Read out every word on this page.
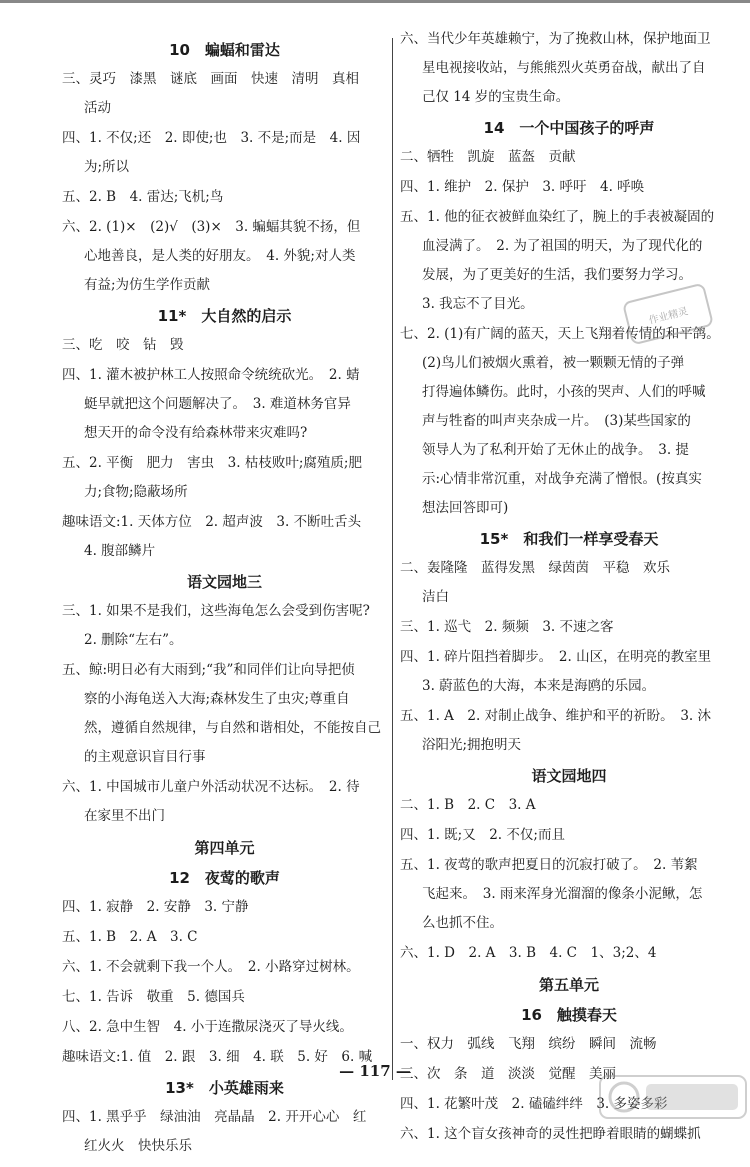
10　蝙蝠和雷达
三、灵巧　漆黑　谜底　画面　快速　清明　真相
活动
四、1. 不仅;还　2. 即使;也　3. 不是;而是　4. 因
为;所以
五、2. B　4. 雷达;飞机;鸟
六、2. (1)×　(2)√　(3)×　3. 蝙蝠其貌不扬，但
心地善良，是人类的好朋友。　4. 外貌;对人类
有益;为仿生学作贡献
11*　大自然的启示
三、吃　咬　钻　毁
四、1. 灌木被护林工人按照命令统统砍光。　2. 蜻
蜓早就把这个问题解决了。　3. 难道林务官异
想天开的命令没有给森林带来灾难吗?
五、2. 平衡　肥力　害虫　3. 枯枝败叶;腐殖质;肥
力;食物;隐蔽场所
趣味语文:1. 天体方位　2. 超声波　3. 不断吐舌头
4. 腹部鳞片
语文园地三
三、1. 如果不是我们，这些海龟怎么会受到伤害呢?
2. 删除“左右”。
五、鲸:明日必有大雨到;“我”和同伴们让向导把侦
察的小海龟送入大海;森林发生了虫灾;尊重自
然，遵循自然规律，与自然和谐相处，不能按自己
的主观意识盲目行事
六、1. 中国城市儿童户外活动状况不达标。　2. 待
在家里不出门
第四单元
12　夜莺的歌声
四、1. 寂静　2. 安静　3. 宁静
五、1. B　2. A　3. C
六、1. 不会就剩下我一个人。　2. 小路穿过树林。
七、1. 告诉　敬重　5. 德国兵
八、2. 急中生智　4. 小于连撒尿浇灭了导火线。
趣味语文:1. 值　2. 跟　3. 细　4. 联　5. 好　6. 喊
13*　小英雄雨来
四、1. 黑乎乎　绿油油　亮晶晶　2. 开开心心　红
红火火　快快乐乐
六、当代少年英雄赖宁，为了挽救山林，保护地面卫
星电视接收站，与熊熊烈火英勇奋战，献出了自
己仅 14 岁的宝贵生命。
14　一个中国孩子的呼声
二、牺牲　凯旋　蓝盔　贡献
四、1. 维护　2. 保护　3. 呼吁　4. 呼唤
五、1. 他的征衣被鲜血染红了，腕上的手表被凝固的
血浸满了。　2. 为了祖国的明天，为了现代化的
发展，为了更美好的生活，我们要努力学习。
3. 我忘不了目光。
七、2. (1)有广阔的蓝天，天上飞翔着传情的和平鸽。
(2)鸟儿们被烟火熏着，被一颗颗无情的子弹
打得遍体鳞伤。此时，小孩的哭声、人们的呼喊
声与牲畜的叫声夹杂成一片。　(3)某些国家的
领导人为了私利开始了无休止的战争。　3. 提
示:心情非常沉重，对战争充满了憎恨。(按真实
想法回答即可)
15*　和我们一样享受春天
二、轰隆隆　蓝得发黑　绿茵茵　平稳　欢乐
洁白
三、1. 巡弋　2. 频频　3. 不速之客
四、1. 碎片阻挡着脚步。　2. 山区，在明亮的教室里
3. 蔚蓝色的大海，本来是海鸥的乐园。
五、1. A　2. 对制止战争、维护和平的祈盼。　3. 沐
浴阳光;拥抱明天
语文园地四
二、1. B　2. C　3. A
四、1. 既;又　2. 不仅;而且
五、1. 夜莺的歌声把夏日的沉寂打破了。　2. 苇絮
飞起来。　3. 雨来浑身光溜溜的像条小泥鳅，怎
么也抓不住。
六、1. D　2. A　3. B　4. C　1、3;2、4
第五单元
16　触摸春天
一、权力　弧线　飞翔　缤纷　瞬间　流畅
三、次　条　道　淡淡　觉醒　美丽
四、1. 花繁叶茂　2. 磕磕绊绊　3. 多姿多彩
六、1. 这个盲女孩神奇的灵性把睁着眼睛的蝴蝶抓
作业精灵
— 117 —
